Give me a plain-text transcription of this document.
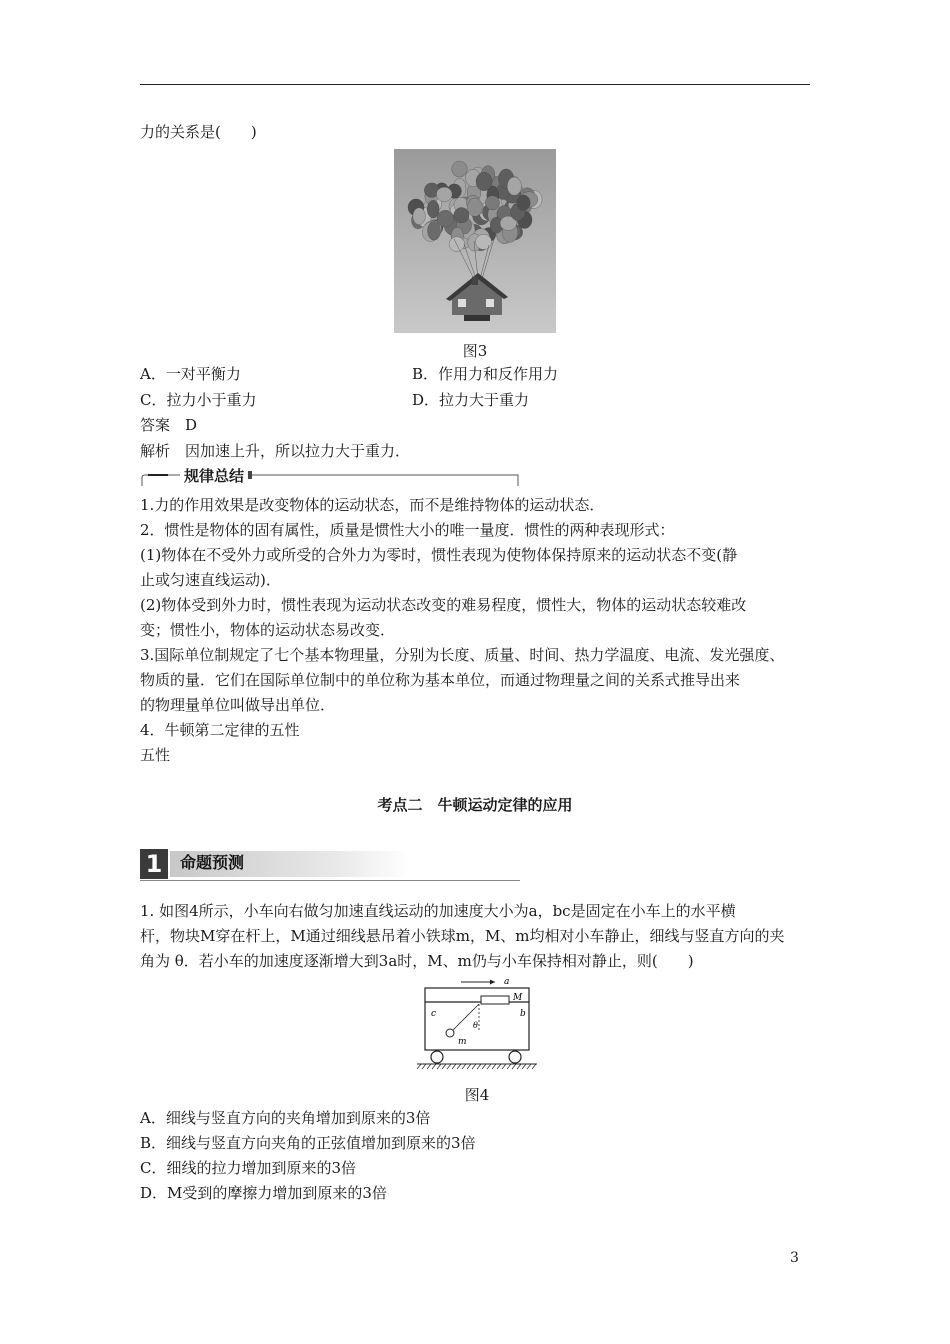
力的关系是(　　)
图3
A．一对平衡力	B．作用力和反作用力
C．拉力小于重力	D．拉力大于重力
答案　D
解析　因加速上升，所以拉力大于重力．
规律总结
1.力的作用效果是改变物体的运动状态，而不是维持物体的运动状态．
2．惯性是物体的固有属性，质量是惯性大小的唯一量度．惯性的两种表现形式：
(1)物体在不受外力或所受的合外力为零时，惯性表现为使物体保持原来的运动状态不变(静
止或匀速直线运动)．
(2)物体受到外力时，惯性表现为运动状态改变的难易程度，惯性大，物体的运动状态较难改
变；惯性小，物体的运动状态易改变．
3.国际单位制规定了七个基本物理量，分别为长度、质量、时间、热力学温度、电流、发光强度、
物质的量．它们在国际单位制中的单位称为基本单位，而通过物理量之间的关系式推导出来
的物理量单位叫做导出单位．
4．牛顿第二定律的五性
五性
考点二　牛顿运动定律的应用
1	命题预测
1. 如图4所示，小车向右做匀加速直线运动的加速度大小为a，bc是固定在小车上的水平横
杆，物块M穿在杆上，M通过细线悬吊着小铁球m，M、m均相对小车静止，细线与竖直方向的夹
角为 θ．若小车的加速度逐渐增大到3a时，M、m仍与小车保持相对静止，则(　　)
a
M
c	b
θ
m
图4
A．细线与竖直方向的夹角增加到原来的3倍
B．细线与竖直方向夹角的正弦值增加到原来的3倍
C．细线的拉力增加到原来的3倍
D．M受到的摩擦力增加到原来的3倍
3
